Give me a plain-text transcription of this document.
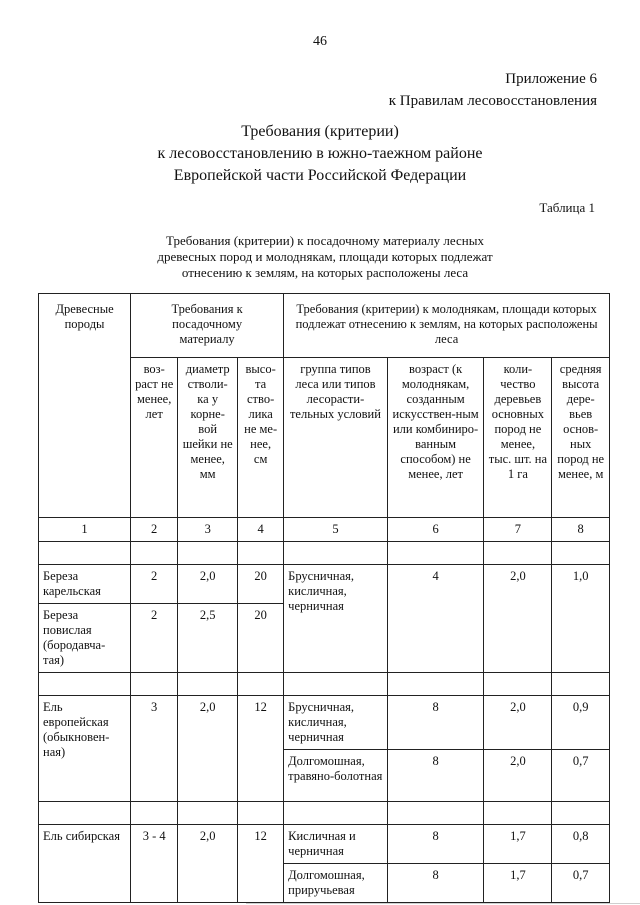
46
Приложение 6
к Правилам лесовосстановления
Требования (критерии)
к лесовосстановлению в южно-таежном районе
Европейской части Российской Федерации
Таблица 1
Требования (критерии) к посадочному материалу лесных
древесных пород и молоднякам, площади которых подлежат
отнесению к землям, на которых расположены леса
Древесные породы	Требования к посадочному материалу			Требования (критерии) к молоднякам, площади которых подлежат отнесению к землям, на которых расположены леса			
	воз-раст не менее, лет	диаметр стволи-ка у корне-вой шейки не менее, мм	высо-та ство-лика не ме-нее, см	группа типов леса или типов лесорасти-тельных условий	возраст (к молоднякам, созданным искусствен-ным или комбиниро-ванным способом) не менее, лет	коли-чество деревьев основных пород не менее, тыс. шт. на 1 га	средняя высота дере-вьев основ-ных пород не менее, м
1	2	3	4	5	6	7	8

Береза карельская	2	2,0	20	Брусничная, кисличная, черничная	4	2,0	1,0
Береза повислая (бородавча-тая)	2	2,5	20				

Ель европейская (обыкновен-ная)	3	2,0	12	Брусничная, кисличная, черничная	8	2,0	0,9
				Долгомошная, травяно-болотная	8	2,0	0,7

Ель сибирская	3 - 4	2,0	12	Кисличная и черничная	8	1,7	0,8
				Долгомошная, приручьевая	8	1,7	0,7
